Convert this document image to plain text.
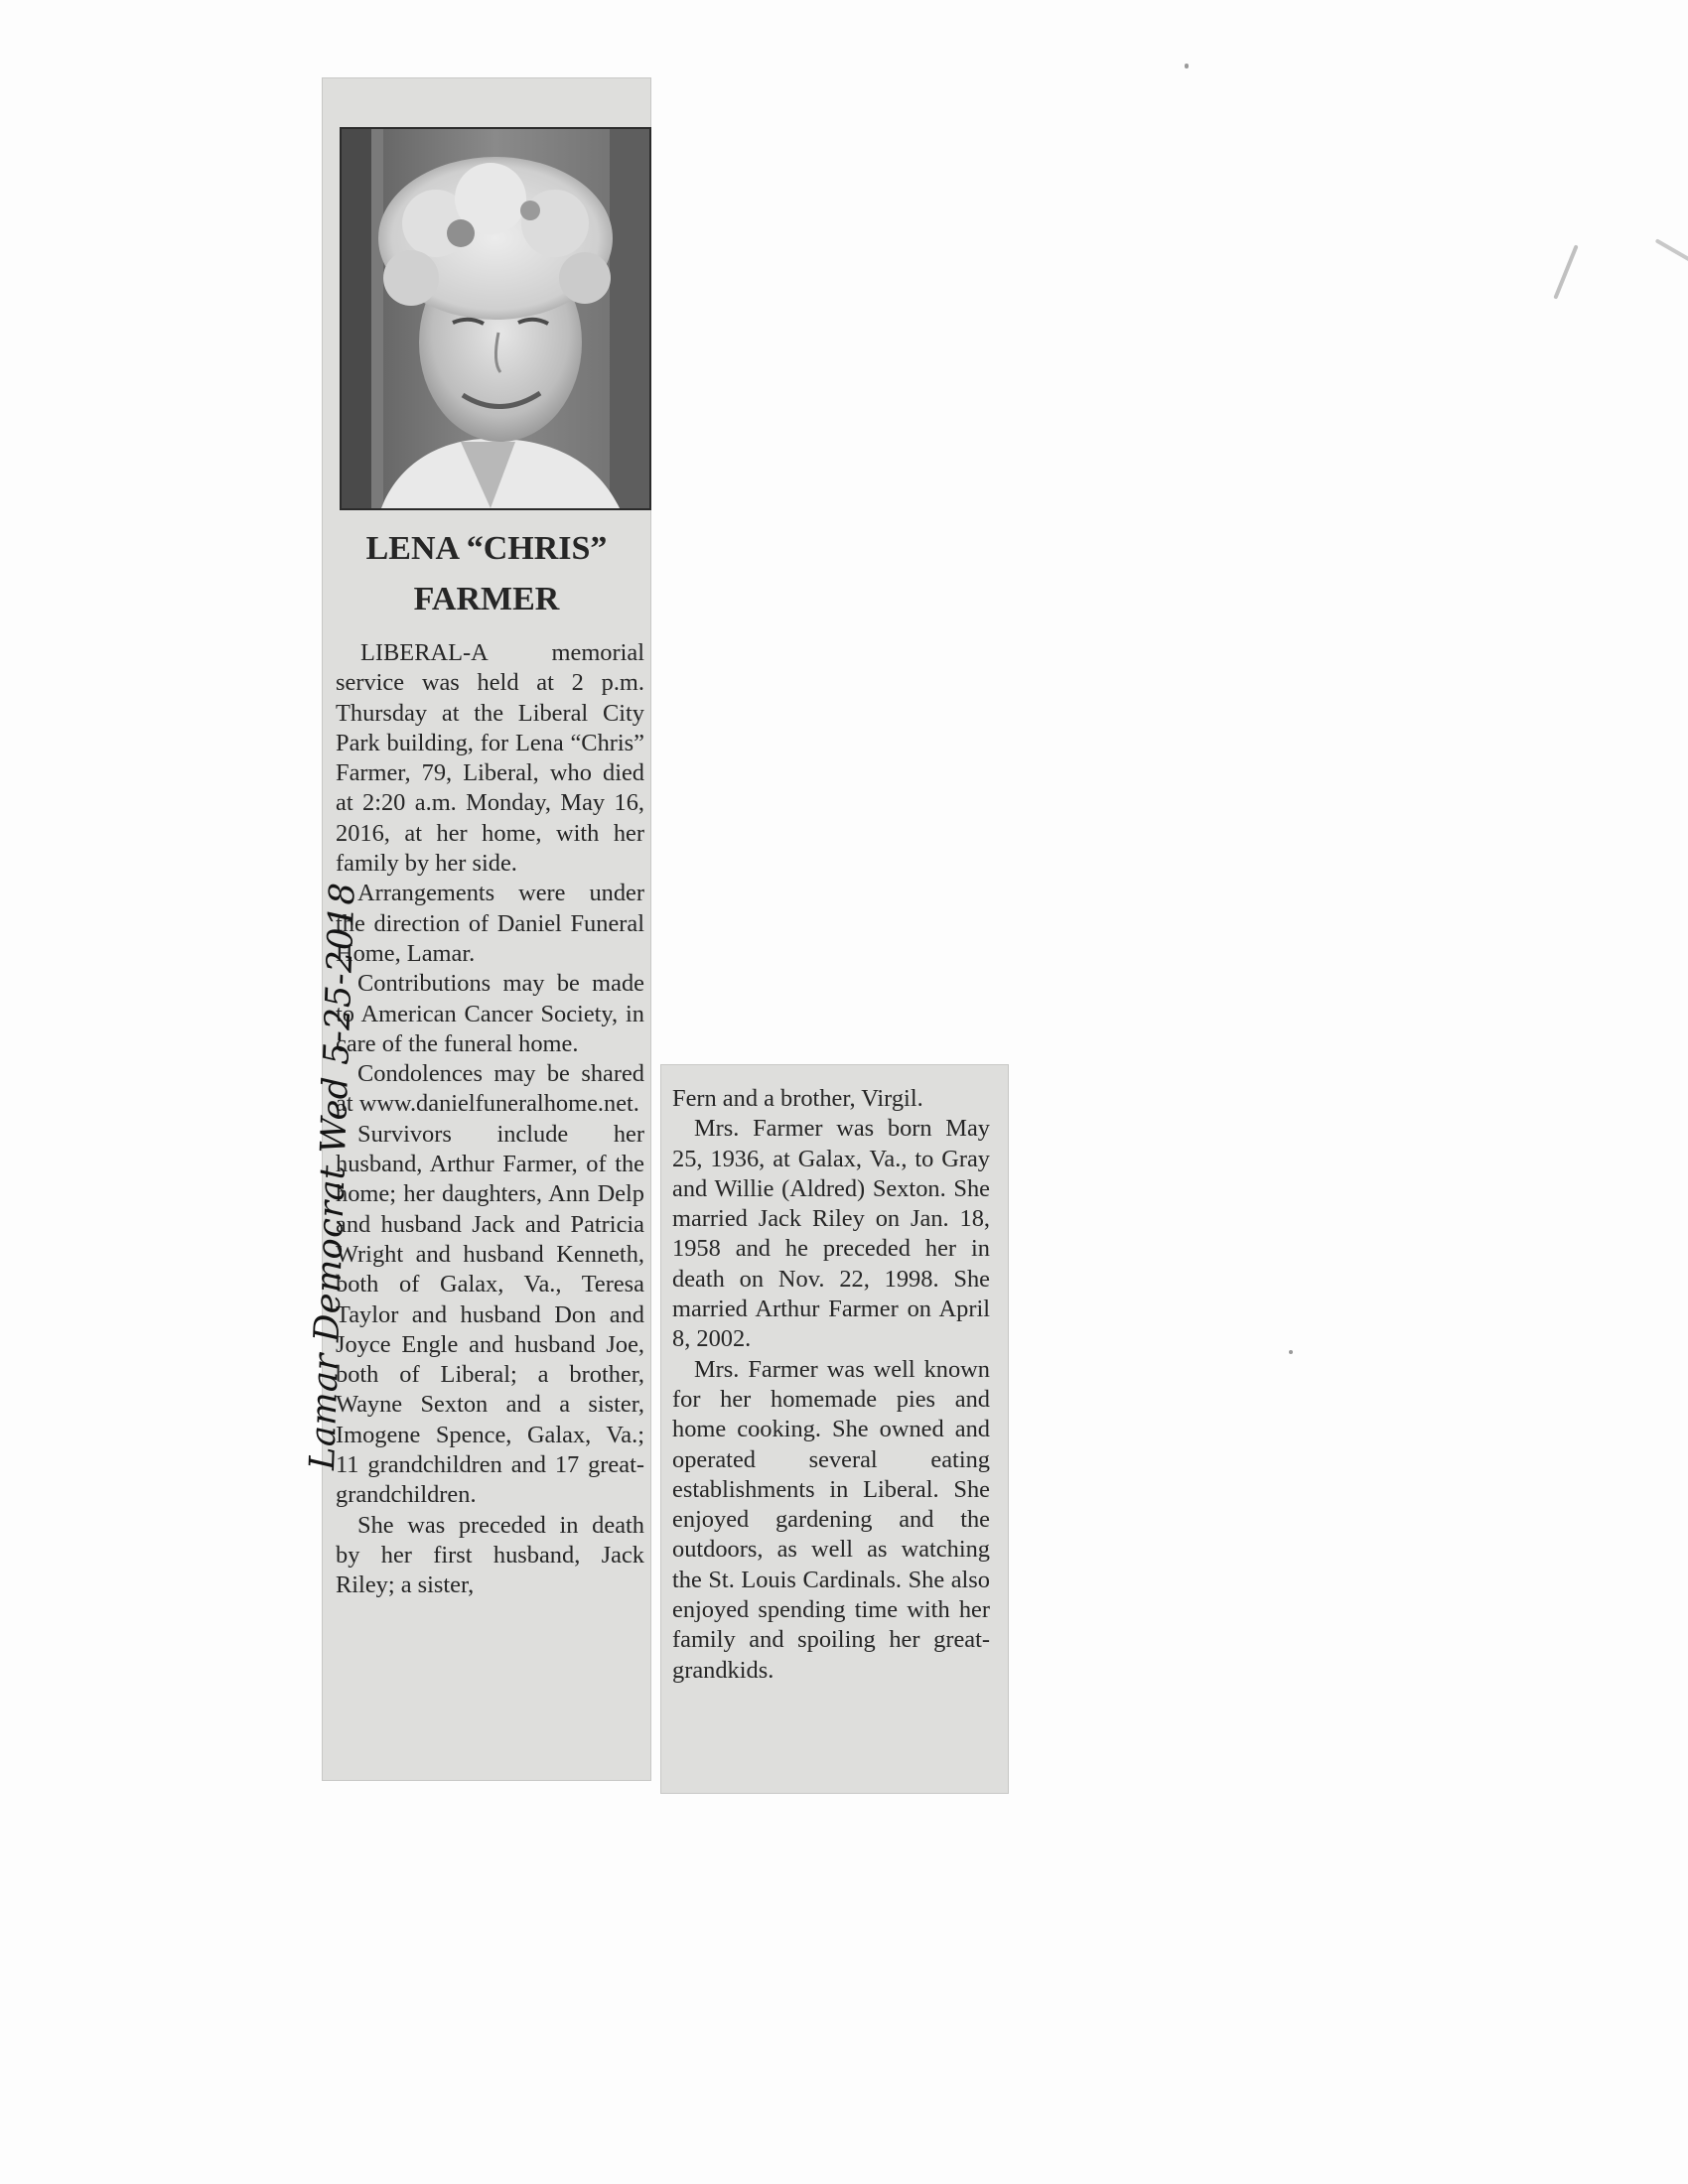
LENA “CHRIS”
FARMER

LIBERAL-A memorial service was held at 2 p.m. Thursday at the Liberal City Park building, for Lena “Chris” Farmer, 79, Liberal, who died at 2:20 a.m. Monday, May 16, 2016, at her home, with her family by her side.

Arrangements were under the direction of Daniel Funeral Home, Lamar.

Contributions may be made to American Cancer Society, in care of the funeral home.

Condolences may be shared at www.danielfuneralhome.net.

Survivors include her husband, Arthur Farmer, of the home; her daughters, Ann Delp and husband Jack and Patricia Wright and husband Kenneth, both of Galax, Va., Teresa Taylor and husband Don and Joyce Engle and husband Joe, both of Liberal; a brother, Wayne Sexton and a sister, Imogene Spence, Galax, Va.; 11 grandchildren and 17 great-grandchildren.

She was preceded in death by her first husband, Jack Riley; a sister,

Fern and a brother, Virgil.

Mrs. Farmer was born May 25, 1936, at Galax, Va., to Gray and Willie (Aldred) Sexton. She married Jack Riley on Jan. 18, 1958 and he preceded her in death on Nov. 22, 1998. She married Arthur Farmer on April 8, 2002.

Mrs. Farmer was well known for her homemade pies and home cooking. She owned and operated several eating establishments in Liberal. She enjoyed gardening and the outdoors, as well as watching the St. Louis Cardinals. She also enjoyed spending time with her family and spoiling her great-grandkids.

Lamar Democrat Wed 5-25-2018
